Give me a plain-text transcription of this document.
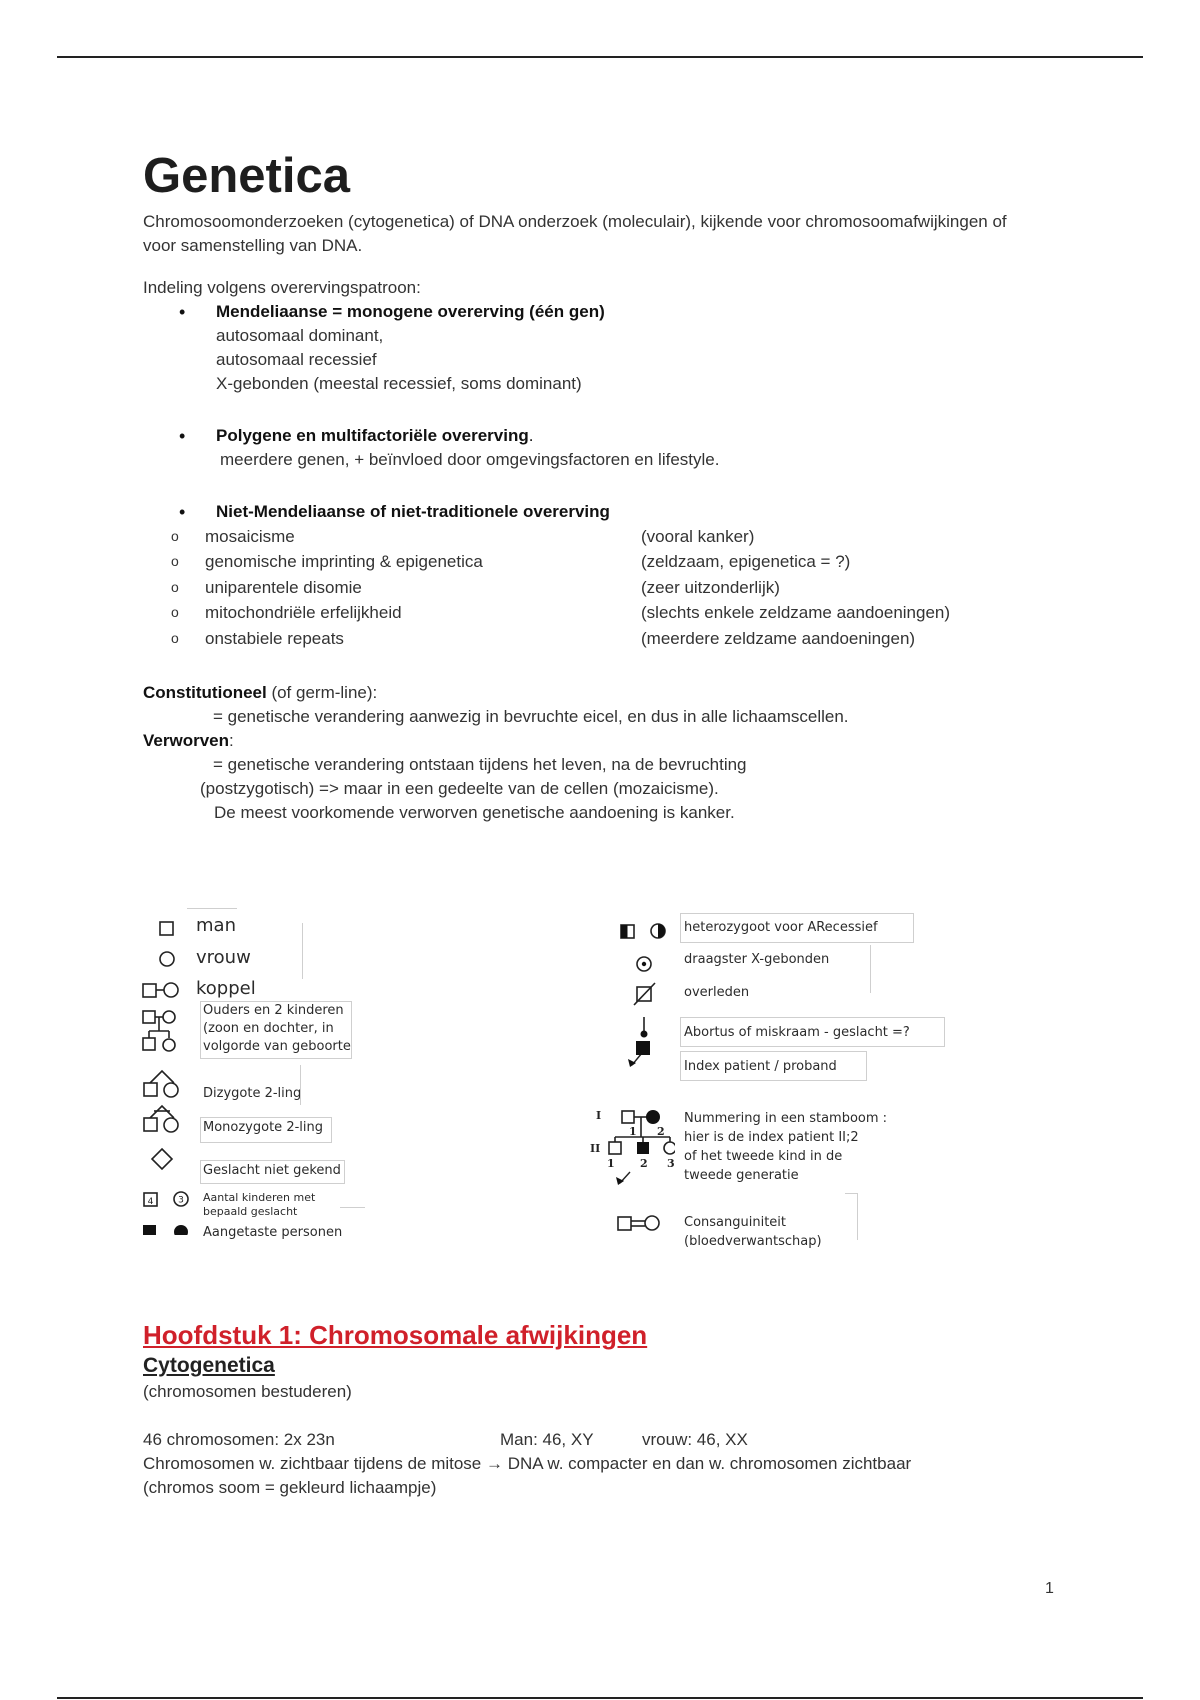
Genetica

Chromosoomonderzoeken (cytogenetica) of DNA onderzoek (moleculair), kijkende voor chromosoomafwijkingen of voor samenstelling van DNA.

Indeling volgens overervingspatroon:

• Mendeliaanse = monogene overerving (één gen)
autosomaal dominant,
autosomaal recessief
X-gebonden (meestal recessief, soms dominant)
• Polygene en multifactoriële overerving.
meerdere genen, + beïnvloed door omgevingsfactoren en lifestyle.
• Niet-Mendeliaanse of niet-traditionele overerving
o mosaicisme	(vooral kanker)
o genomische imprinting & epigenetica	(zeldzaam, epigenetica = ?)
o uniparentele disomie	(zeer uitzonderlijk)
o mitochondriële erfelijkheid	(slechts enkele zeldzame aandoeningen)
o onstabiele repeats	(meerdere zeldzame aandoeningen)

Constitutioneel (of germ-line):

= genetische verandering aanwezig in bevruchte eicel, en dus in alle lichaamscellen.

Verworven:

= genetische verandering ontstaan tijdens het leven, na de bevruchting

(postzygotisch) => maar in een gedeelte van de cellen (mozaicisme).

De meest voorkomende verworven genetische aandoening is kanker.

4	3
man
vrouw
koppel
Ouders en 2 kinderen
(zoon en dochter, in
volgorde van geboorte
Dizygote 2-ling
Monozygote 2-ling
Geslacht niet gekend
Aantal kinderen met
bepaald geslacht
Aangetaste personen
I
II
1 2
1 2 3
heterozygoot voor ARecessief
draagster X-gebonden
overleden
Abortus of miskraam - geslacht =?
Index patient / proband
Nummering in een stamboom :
hier is de index patient II;2
of het tweede kind in de
tweede generatie
Consanguiniteit
(bloedverwantschap)
Hoofdstuk 1: Chromosomale afwijkingen
Cytogenetica

(chromosomen bestuderen)

46 chromosomen: 2x 23n	Man: 46, XY	vrouw: 46, XX

Chromosomen w. zichtbaar tijdens de mitose → DNA w. compacter en dan w. chromosomen zichtbaar

(chromos soom = gekleurd lichaampje)

1
